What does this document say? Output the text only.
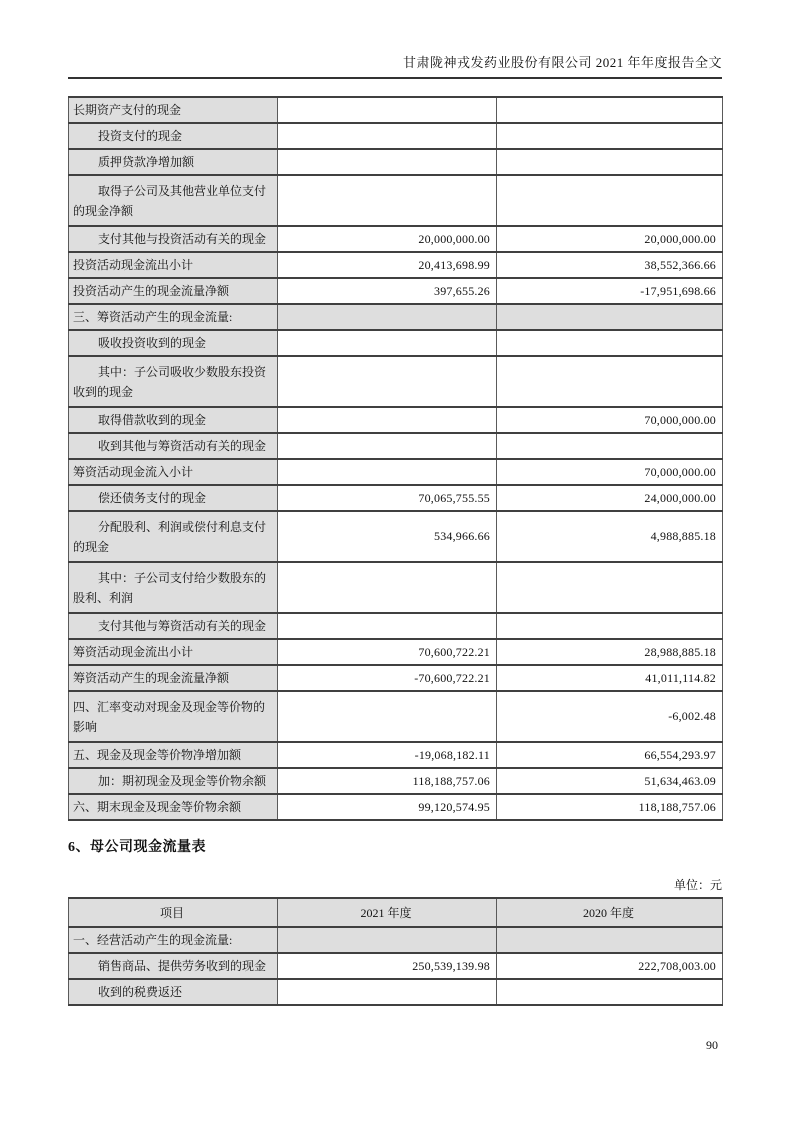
甘肃陇神戎发药业股份有限公司 2021 年年度报告全文
长期资产支付的现金		
投资支付的现金		
质押贷款净增加额		
取得子公司及其他营业单位支付的现金净额		
支付其他与投资活动有关的现金	20,000,000.00	20,000,000.00
投资活动现金流出小计	20,413,698.99	38,552,366.66
投资活动产生的现金流量净额	397,655.26	-17,951,698.66
三、筹资活动产生的现金流量:		
吸收投资收到的现金		
其中：子公司吸收少数股东投资收到的现金		
取得借款收到的现金		70,000,000.00
收到其他与筹资活动有关的现金		
筹资活动现金流入小计		70,000,000.00
偿还债务支付的现金	70,065,755.55	24,000,000.00
分配股利、利润或偿付利息支付的现金	534,966.66	4,988,885.18
其中：子公司支付给少数股东的股利、利润		
支付其他与筹资活动有关的现金		
筹资活动现金流出小计	70,600,722.21	28,988,885.18
筹资活动产生的现金流量净额	-70,600,722.21	41,011,114.82
四、汇率变动对现金及现金等价物的影响		-6,002.48
五、现金及现金等价物净增加额	-19,068,182.11	66,554,293.97
加：期初现金及现金等价物余额	118,188,757.06	51,634,463.09
六、期末现金及现金等价物余额	99,120,574.95	118,188,757.06
6、母公司现金流量表
单位：元
项目	2021 年度	2020 年度
一、经营活动产生的现金流量:		
销售商品、提供劳务收到的现金	250,539,139.98	222,708,003.00
收到的税费返还		
90
